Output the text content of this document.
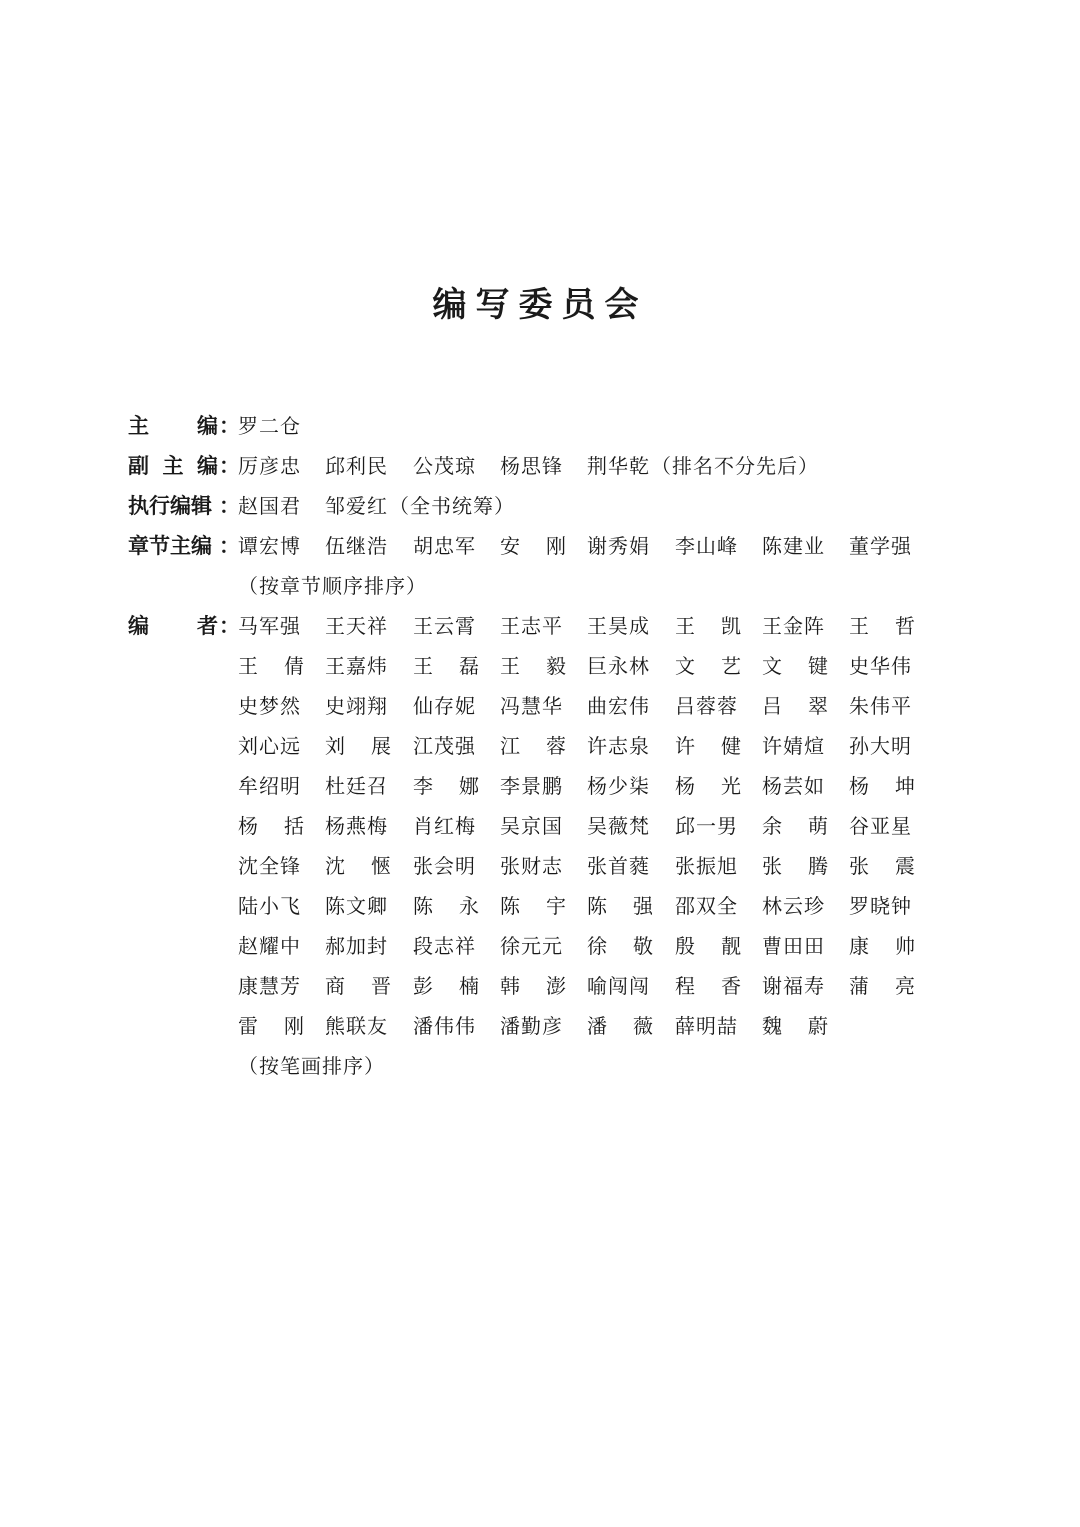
编写委员会
主 编 ：
罗二仓
副 主 编 ：
厉彦忠 邱利民 公茂琼 杨思锋 荆华乾 （排名不分先后）
执行编辑 ：
赵国君 邹爱红 （全书统筹）
章节主编 ：
谭宏博 伍继浩 胡忠军 安 刚 谢秀娟 李山峰 陈建业 董学强
（按章节顺序排序）
编 者 ：
马军强 王天祥 王云霄 王志平 王昊成 王 凯 王金阵 王 哲
王 倩 王嘉炜 王 磊 王 毅 巨永林 文 艺 文 键 史华伟
史梦然 史翊翔 仙存妮 冯慧华 曲宏伟 吕蓉蓉 吕 翠 朱伟平
刘心远 刘 展 江茂强 江 蓉 许志泉 许 健 许婧煊 孙大明
牟绍明 杜廷召 李 娜 李景鹏 杨少柒 杨 光 杨芸如 杨 坤
杨 括 杨燕梅 肖红梅 吴京国 吴薇梵 邱一男 余 萌 谷亚星
沈全锋 沈 愜 张会明 张财志 张首蕤 张振旭 张 腾 张 震
陆小飞 陈文卿 陈 永 陈 宇 陈 强 邵双全 林云珍 罗晓钟
赵耀中 郝加封 段志祥 徐元元 徐 敬 殷 靓 曹田田 康 帅
康慧芳 商 晋 彭 楠 韩 澎 喻闯闯 程 香 谢福寿 蒲 亮
雷 刚 熊联友 潘伟伟 潘勤彦 潘 薇 薛明喆 魏 蔚
（按笔画排序）
